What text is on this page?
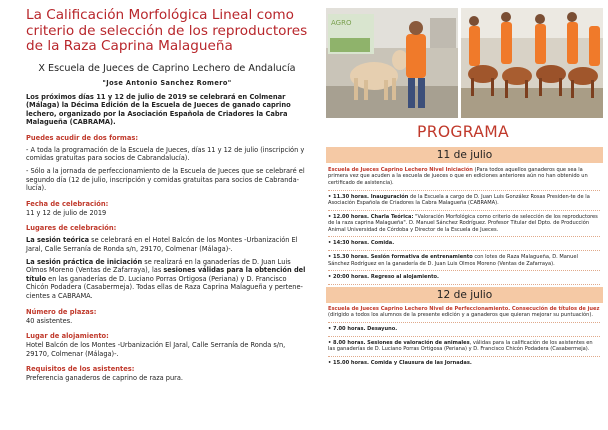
La Calificación Morfológica Lineal como criterio de selección de los reproductores de la Raza Caprina Malagueña
X Escuela de Jueces de Caprino Lechero de Andalucía
"Jose Antonio Sanchez Romero"

Los próximos días 11 y 12 de julio de 2019 se celebrará en Colmenar (Málaga) la Décima Edición de la Escuela de Jueces de ganado caprino lechero, organizado por la Asociación Española de Criadores la Cabra Malagueña (CABRAMA).

Puedes acudir de dos formas:

- A toda la programación de la Escuela de Jueces, días 11 y 12 de julio (inscripción y comidas gratuitas para socios de Cabrandalucía).

- Sólo a la jornada de perfeccionamiento de la Escuela de Jueces que se celebraré el segundo día (12 de julio, inscripción y comidas gratuitas para socios de Cabranda-lucía).

Fecha de celebración:

11 y 12 de julio de 2019

Lugares de celebración:

La sesión teórica se celebrará en el Hotel Balcón de los Montes -Urbanización El Jaral, Calle Serranía de Ronda s/n, 29170, Colmenar (Málaga)-.

La sesión práctica de iniciación se realizará en la ganaderías de D. Juan Luis Olmos Moreno (Ventas de Zafarraya), las sesiones válidas para la obtención del título en las ganaderías de D. Luciano Porras Ortigosa (Periana) y D. Francisco Chicón Podadera (Casabermeja). Todas ellas de Raza Caprina Malagueña y pertene-cientes a CABRAMA.

Número de plazas:

40 asistentes.

Lugar de alojamiento:

Hotel Balcón de los Montes -Urbanización El Jaral, Calle Serranía de Ronda s/n, 29170, Colmenar (Málaga)-.

Requisitos de los asistentes:

Preferencia ganaderos de caprino de raza pura.

AGRO
PROGRAMA
11 de julio
Escuela de Jueces Caprino Lechero Nivel Iniciación (Para todos aquellos ganaderos que sea la primera vez que acuden a la escuela de jueces o que en ediciones anteriores aún no han obtenido un certificado de asistencia).
• 11.30 horas. Inauguración de la Escuela a cargo de D. Juan Luis González Rosas Presiden-te de la Asociación Española de Criadores la Cabra Malagueña (CABRAMA).
• 12.00 horas. Charla Teórica: "Valoración Morfológica como criterio de selección de los reproductores de la raza caprina Malagueña". D. Manuel Sánchez Rodríguez. Profesor Titular del Dpto. de Producción Animal Universidad de Córdoba y Director de la Escuela de Jueces.
• 14:30 horas. Comida.
• 15.30 horas. Sesión formativa de entrenamiento con lotes de Raza Malagueña, D. Manuel Sánchez Rodríguez en la ganadería de D. Juan Luis Olmos Moreno (Ventas de Zafarraya).
• 20:00 horas. Regreso al alojamiento.
12 de julio
Escuela de Jueces Caprino Lechero Nivel de Perfeccionamiento. Consecución de títulos de juez (dirigido a todos los alumnos de la presente edición y a ganaderos que quieran mejorar su puntuación).
• 7.00 horas. Desayuno.
• 8.00 horas. Sesiones de valoración de animales, válidas para la calificación de los asistentes en las ganaderías de D. Luciano Porras Ortigosa (Periana) y D. Francisco Chicón Podadera (Casabermeja).
• 15.00 horas. Comida y Clausura de las Jornadas.
